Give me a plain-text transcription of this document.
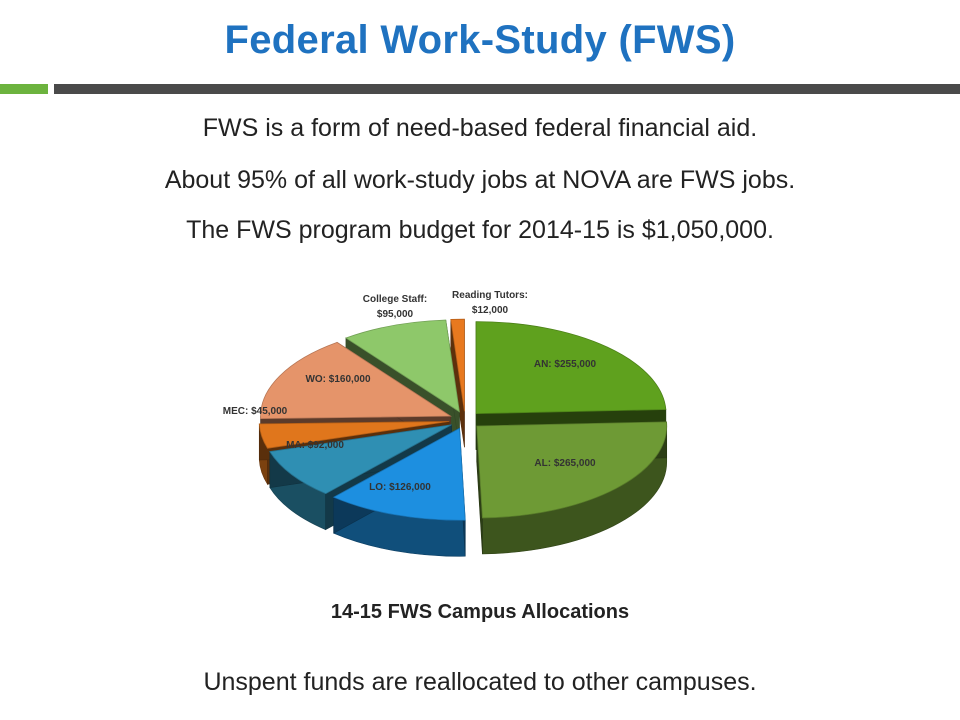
Federal Work-Study (FWS)

FWS is a form of need-based federal financial aid.

About 95% of all work-study jobs at NOVA are FWS jobs.

The FWS program budget for 2014-15 is $1,050,000.

AN: $255,000
AL: $265,000
LO: $126,000
MA: $92,000
MEC: $45,000
WO: $160,000
College Staff: $95,000
Reading Tutors: $12,000

14-15 FWS Campus Allocations

Unspent funds are reallocated to other campuses.
